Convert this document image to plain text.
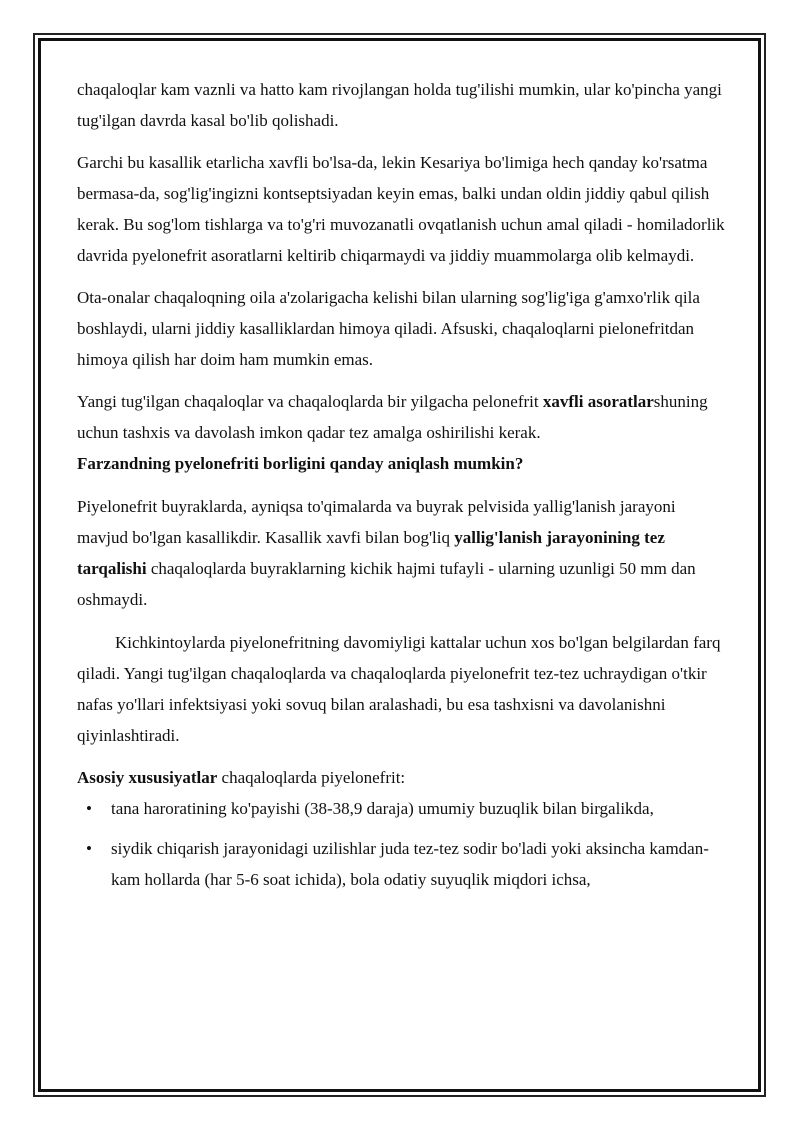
chaqaloqlar kam vaznli va hatto kam rivojlangan holda tug'ilishi mumkin, ular ko'pincha yangi tug'ilgan davrda kasal bo'lib qolishadi.

Garchi bu kasallik etarlicha xavfli bo'lsa-da, lekin Kesariya bo'limiga hech qanday ko'rsatma bermasa-da, sog'lig'ingizni kontseptsiyadan keyin emas, balki undan oldin jiddiy qabul qilish kerak. Bu sog'lom tishlarga va to'g'ri muvozanatli ovqatlanish uchun amal qiladi - homiladorlik davrida pyelonefrit asoratlarni keltirib chiqarmaydi va jiddiy muammolarga olib kelmaydi.

Ota-onalar chaqaloqning oila a'zolarigacha kelishi bilan ularning sog'lig'iga g'amxo'rlik qila boshlaydi, ularni jiddiy kasalliklardan himoya qiladi. Afsuski, chaqaloqlarni pielonefritdan himoya qilish har doim ham mumkin emas.

Yangi tug'ilgan chaqaloqlar va chaqaloqlarda bir yilgacha pelonefrit xavfli asoratlarshuning uchun tashxis va davolash imkon qadar tez amalga oshirilishi kerak.

Farzandning pyelonefriti borligini qanday aniqlash mumkin?

Piyelonefrit buyraklarda, ayniqsa to'qimalarda va buyrak pelvisida yallig'lanish jarayoni mavjud bo'lgan kasallikdir. Kasallik xavfi bilan bog'liq yallig'lanish jarayonining tez tarqalishi chaqaloqlarda buyraklarning kichik hajmi tufayli - ularning uzunligi 50 mm dan oshmaydi.

Kichkintoylarda piyelonefritning davomiyligi kattalar uchun xos bo'lgan belgilardan farq qiladi. Yangi tug'ilgan chaqaloqlarda va chaqaloqlarda piyelonefrit tez-tez uchraydigan o'tkir nafas yo'llari infektsiyasi yoki sovuq bilan aralashadi, bu esa tashxisni va davolanishni qiyinlashtiradi.

Asosiy xususiyatlar chaqaloqlarda piyelonefrit:

• tana haroratining ko'payishi (38-38,9 daraja) umumiy buzuqlik bilan birgalikda,
• siydik chiqarish jarayonidagi uzilishlar juda tez-tez sodir bo'ladi yoki aksincha kamdan-kam hollarda (har 5-6 soat ichida), bola odatiy suyuqlik miqdori ichsa,
